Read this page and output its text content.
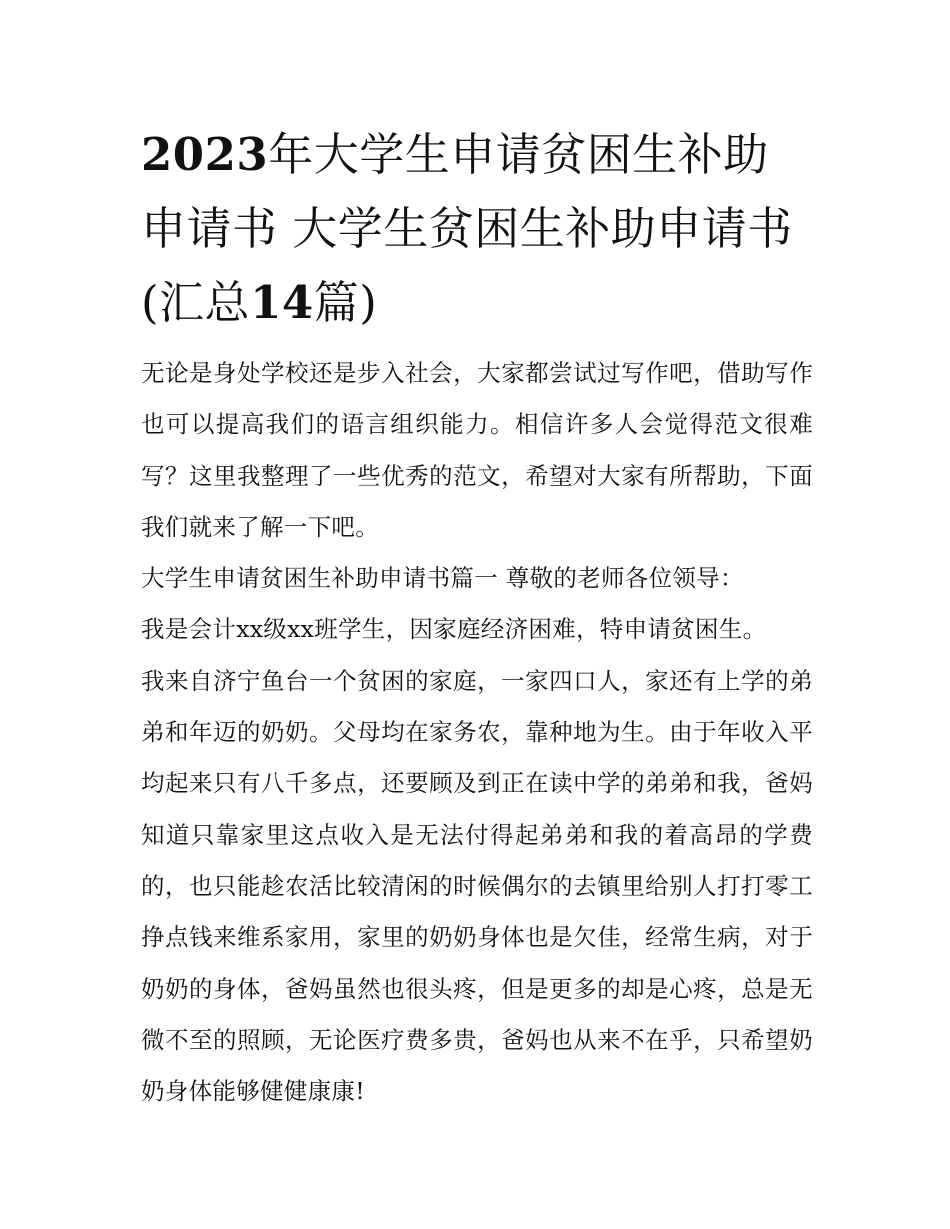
2023年大学生申请贫困生补助申请书 大学生贫困生补助申请书(汇总14篇)

无论是身处学校还是步入社会，大家都尝试过写作吧，借助写作也可以提高我们的语言组织能力。相信许多人会觉得范文很难写？这里我整理了一些优秀的范文，希望对大家有所帮助，下面我们就来了解一下吧。

大学生申请贫困生补助申请书篇一 尊敬的老师各位领导：

我是会计xx级xx班学生，因家庭经济困难，特申请贫困生。

我来自济宁鱼台一个贫困的家庭，一家四口人，家还有上学的弟弟和年迈的奶奶。父母均在家务农，靠种地为生。由于年收入平均起来只有八千多点，还要顾及到正在读中学的弟弟和我，爸妈知道只靠家里这点收入是无法付得起弟弟和我的着高昂的学费的，也只能趁农活比较清闲的时候偶尔的去镇里给别人打打零工挣点钱来维系家用，家里的奶奶身体也是欠佳，经常生病，对于奶奶的身体，爸妈虽然也很头疼，但是更多的却是心疼，总是无微不至的照顾，无论医疗费多贵，爸妈也从来不在乎，只希望奶奶身体能够健健康康!
